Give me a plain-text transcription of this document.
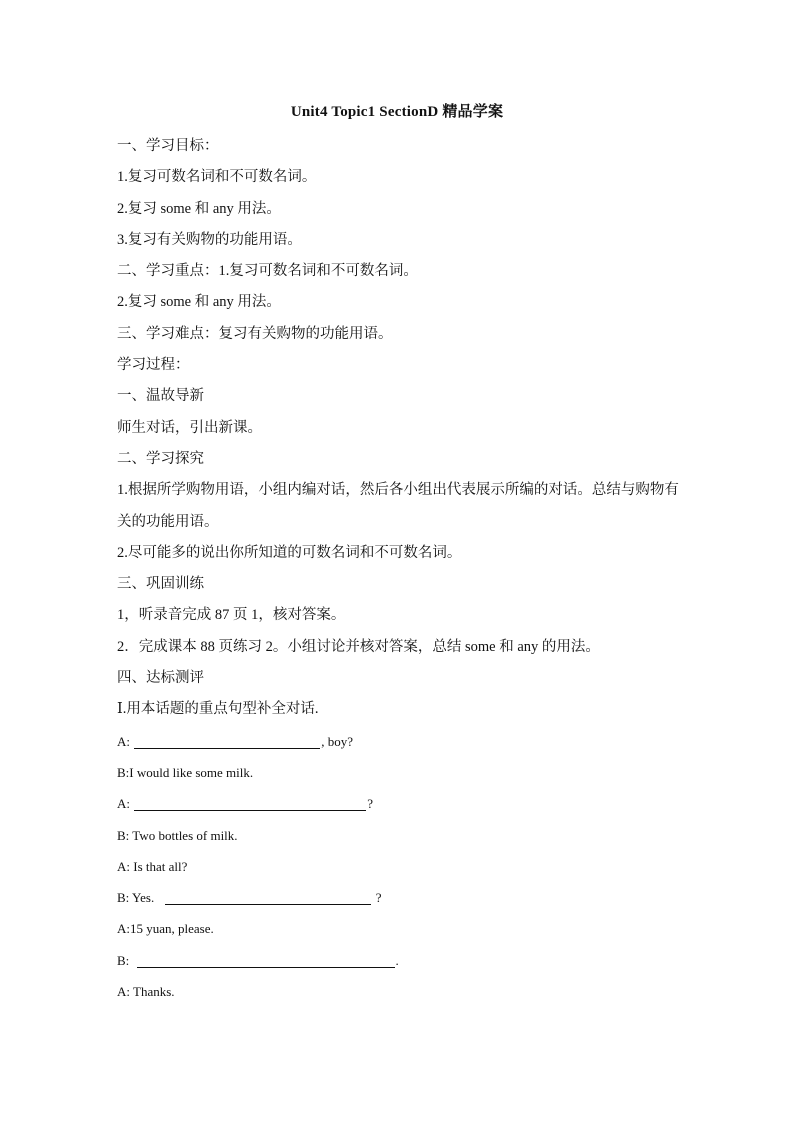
Unit4 Topic1 SectionD 精品学案
一、学习目标：
1.复习可数名词和不可数名词。
2.复习 some 和 any 用法。
3.复习有关购物的功能用语。
二、学习重点：1.复习可数名词和不可数名词。
2.复习 some 和 any 用法。
三、学习难点：复习有关购物的功能用语。
学习过程：
一、温故导新
师生对话，引出新课。
二、学习探究
1.根据所学购物用语，小组内编对话，然后各小组出代表展示所编的对话。总结与购物有关的功能用语。
2.尽可能多的说出你所知道的可数名词和不可数名词。
三、巩固训练
1，听录音完成 87 页 1，核对答案。
2．完成课本 88 页练习 2。小组讨论并核对答案，总结 some 和 any 的用法。
四、达标测评
Ⅰ.用本话题的重点句型补全对话.
A:	, boy?
B:I would like some milk.
A:	?
B: Two bottles of milk.
A: Is that all?
B: Yes.	?
A:15 yuan, please.
B:	.
A: Thanks.
